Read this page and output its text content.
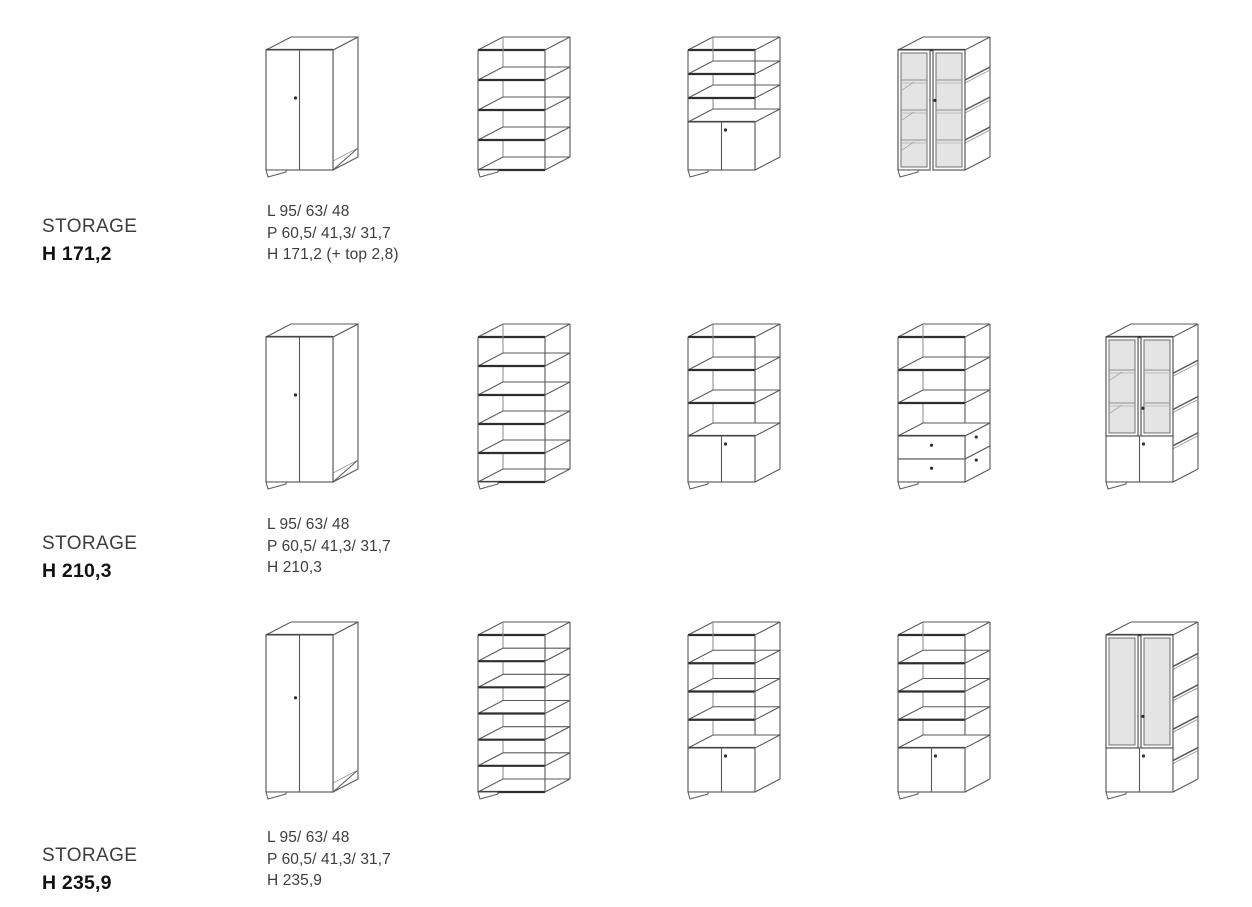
L 95/ 63/ 48
P 60,5/ 41,3/ 31,7
H 171,2 (+ top 2,8)
STORAGE
H 171,2
L 95/ 63/ 48
P 60,5/ 41,3/ 31,7
H 210,3
STORAGE
H 210,3
L 95/ 63/ 48
P 60,5/ 41,3/ 31,7
H 235,9
STORAGE
H 235,9
